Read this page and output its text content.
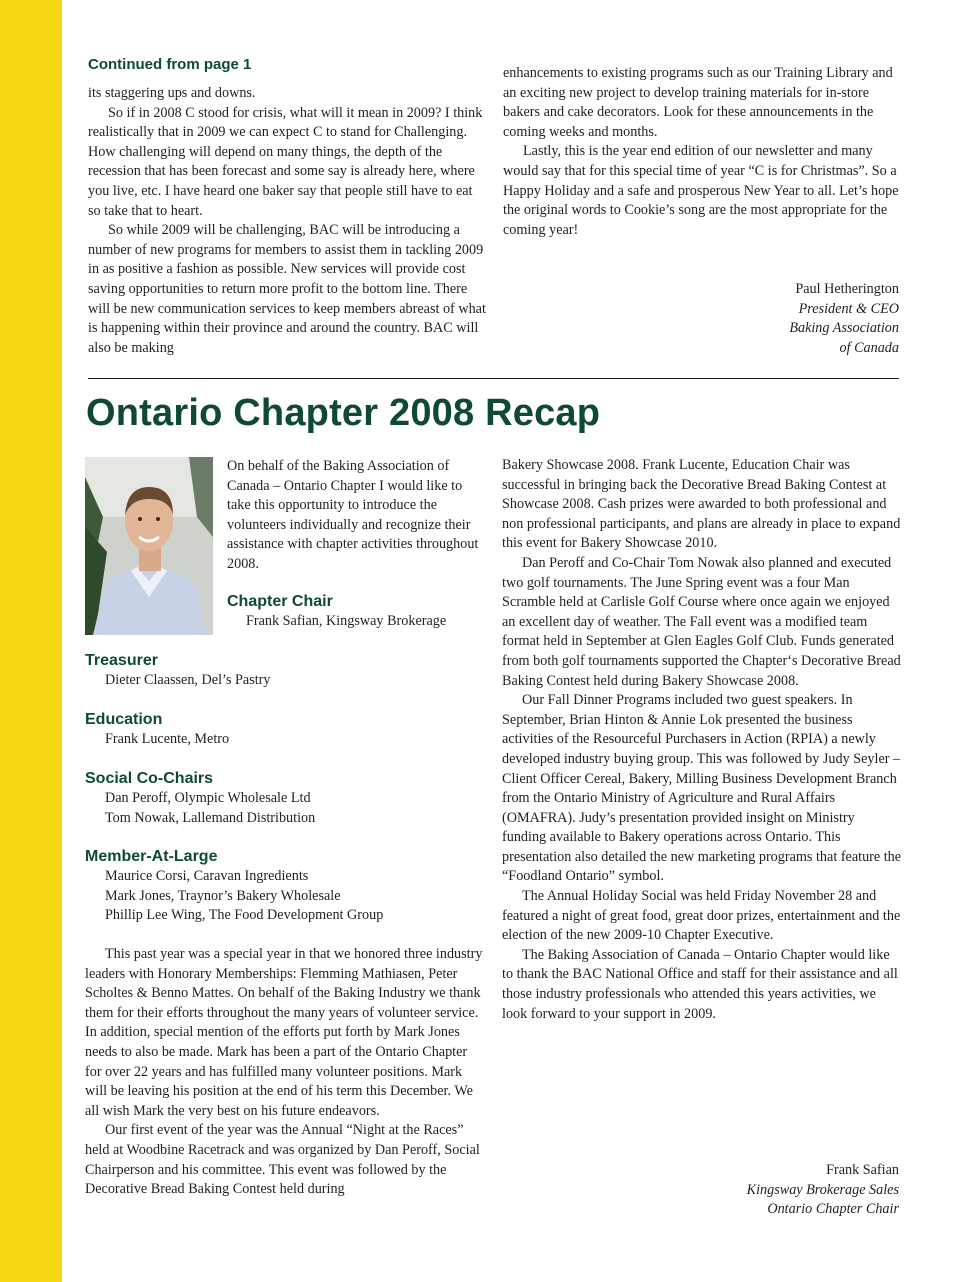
Continued from page 1

its staggering ups and downs.

So if in 2008 C stood for crisis, what will it mean in 2009? I think realistically that in 2009 we can expect C to stand for Challenging. How challenging will depend on many things, the depth of the recession that has been forecast and some say is already here, where you live, etc. I have heard one baker say that people still have to eat so take that to heart.

So while 2009 will be challenging, BAC will be introducing a number of new programs for members to assist them in tackling 2009 in as positive a fashion as possible. New services will provide cost saving opportunities to return more profit to the bottom line. There will be new communication services to keep members abreast of what is happening within their province and around the country. BAC will also be making

enhancements to existing programs such as our Training Library and an exciting new project to develop training materials for in-store bakers and cake decorators. Look for these announcements in the coming weeks and months.

Lastly, this is the year end edition of our newsletter and many would say that for this special time of year “C is for Christmas”. So a Happy Holiday and a safe and prosperous New Year to all. Let’s hope the original words to Cookie’s song are the most appropriate for the coming year!

Paul Hetherington

President & CEO

Baking Association

of Canada

Ontario Chapter 2008 Recap

On behalf of the Baking Association of Canada – Ontario Chapter I would like to take this opportunity to introduce the volunteers individually and recognize their assistance with chapter activities throughout 2008.

Chapter Chair
Frank Safian, Kingsway Brokerage
Treasurer
Dieter Claassen, Del’s Pastry
Education
Frank Lucente, Metro
Social Co-Chairs
Dan Peroff, Olympic Wholesale Ltd
Tom Nowak, Lallemand Distribution
Member-At-Large
Maurice Corsi, Caravan Ingredients
Mark Jones, Traynor’s Bakery Wholesale
Phillip Lee Wing, The Food Development Group

This past year was a special year in that we honored three industry leaders with Honorary Memberships: Flemming Mathiasen, Peter Scholtes & Benno Mattes. On behalf of the Baking Industry we thank them for their efforts throughout the many years of volunteer service. In addition, special mention of the efforts put forth by Mark Jones needs to also be made. Mark has been a part of the Ontario Chapter for over 22 years and has fulfilled many volunteer positions. Mark will be leaving his position at the end of his term this December. We all wish Mark the very best on his future endeavors.

Our first event of the year was the Annual “Night at the Races” held at Woodbine Racetrack and was organized by Dan Peroff, Social Chairperson and his committee. This event was followed by the Decorative Bread Baking Contest held during

Bakery Showcase 2008. Frank Lucente, Education Chair was successful in bringing back the Decorative Bread Baking Contest at Showcase 2008. Cash prizes were awarded to both professional and non professional participants, and plans are already in place to expand this event for Bakery Showcase 2010.

Dan Peroff and Co-Chair Tom Nowak also planned and executed two golf tournaments. The June Spring event was a four Man Scramble held at Carlisle Golf Course where once again we enjoyed an excellent day of weather. The Fall event was a modified team format held in September at Glen Eagles Golf Club. Funds generated from both golf tournaments supported the Chapter‘s Decorative Bread Baking Contest held during Bakery Showcase 2008.

Our Fall Dinner Programs included two guest speakers. In September, Brian Hinton & Annie Lok presented the business activities of the Resourceful Purchasers in Action (RPIA) a newly developed industry buying group. This was followed by Judy Seyler – Client Officer Cereal, Bakery, Milling Business Development Branch from the Ontario Ministry of Agriculture and Rural Affairs (OMAFRA). Judy’s presentation provided insight on Ministry funding available to Bakery operations across Ontario. This presentation also detailed the new marketing programs that feature the “Foodland Ontario” symbol.

The Annual Holiday Social was held Friday November 28 and featured a night of great food, great door prizes, entertainment and the election of the new 2009-10 Chapter Executive.

The Baking Association of Canada – Ontario Chapter would like to thank the BAC National Office and staff for their assistance and all those industry professionals who attended this years activities, we look forward to your support in 2009.

Frank Safian

Kingsway Brokerage Sales

Ontario Chapter Chair
